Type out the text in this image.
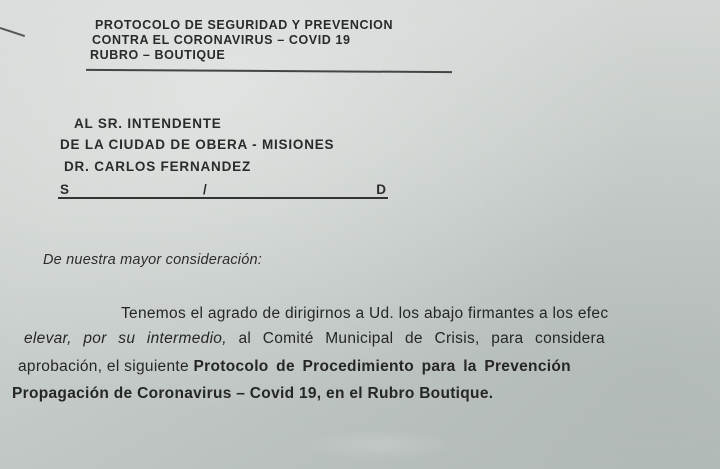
PROTOCOLO DE SEGURIDAD Y PREVENCION
CONTRA EL CORONAVIRUS – COVID 19
RUBRO – BOUTIQUE
AL SR. INTENDENTE
DE LA CIUDAD DE OBERA - MISIONES
DR. CARLOS FERNANDEZ
S	/	D
De nuestra mayor consideración:
Tenemos el agrado de dirigirnos a Ud. los abajo firmantes a los efec
elevar, por su intermedio, al Comité Municipal de Crisis, para considera
aprobación, el siguiente Protocolo de Procedimiento para la Prevención
Propagación de Coronavirus – Covid 19, en el Rubro Boutique.
